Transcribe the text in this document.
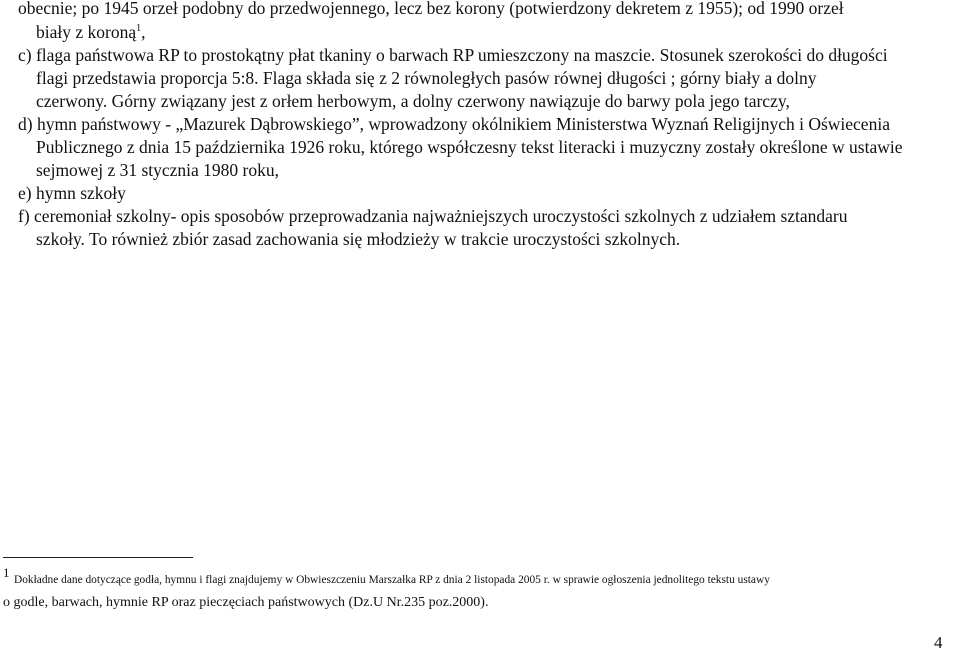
obecnie; po 1945 orzeł podobny do przedwojennego, lecz bez korony (potwierdzony dekretem z 1955); od 1990 orzeł
biały z koroną$^1$,
c) flaga państwowa RP to prostokątny płat tkaniny o barwach RP umieszczony na maszcie. Stosunek szerokości do długości
flagi przedstawia proporcja 5:8. Flaga składa się z 2 równoległych pasów równej długości ; górny biały a dolny
czerwony. Górny związany jest z orłem herbowym, a dolny czerwony nawiązuje do barwy pola jego tarczy,
d) hymn państwowy - „Mazurek Dąbrowskiego”, wprowadzony okólnikiem Ministerstwa Wyznań Religijnych i Oświecenia
Publicznego z dnia 15 października 1926 roku, którego współczesny tekst literacki i muzyczny zostały określone w ustawie
sejmowej z 31 stycznia 1980 roku,
e) hymn szkoły
f) ceremoniał szkolny- opis sposobów przeprowadzania najważniejszych uroczystości szkolnych z udziałem sztandaru
szkoły. To również zbiór zasad zachowania się młodzieży w trakcie uroczystości szkolnych.
1 Dokładne dane dotyczące godła, hymnu i flagi znajdujemy w Obwieszczeniu Marszałka RP z dnia 2 listopada 2005 r. w sprawie ogłoszenia jednolitego tekstu ustawy
o godle, barwach, hymnie RP oraz pieczęciach państwowych (Dz.U Nr.235 poz.2000).
4
